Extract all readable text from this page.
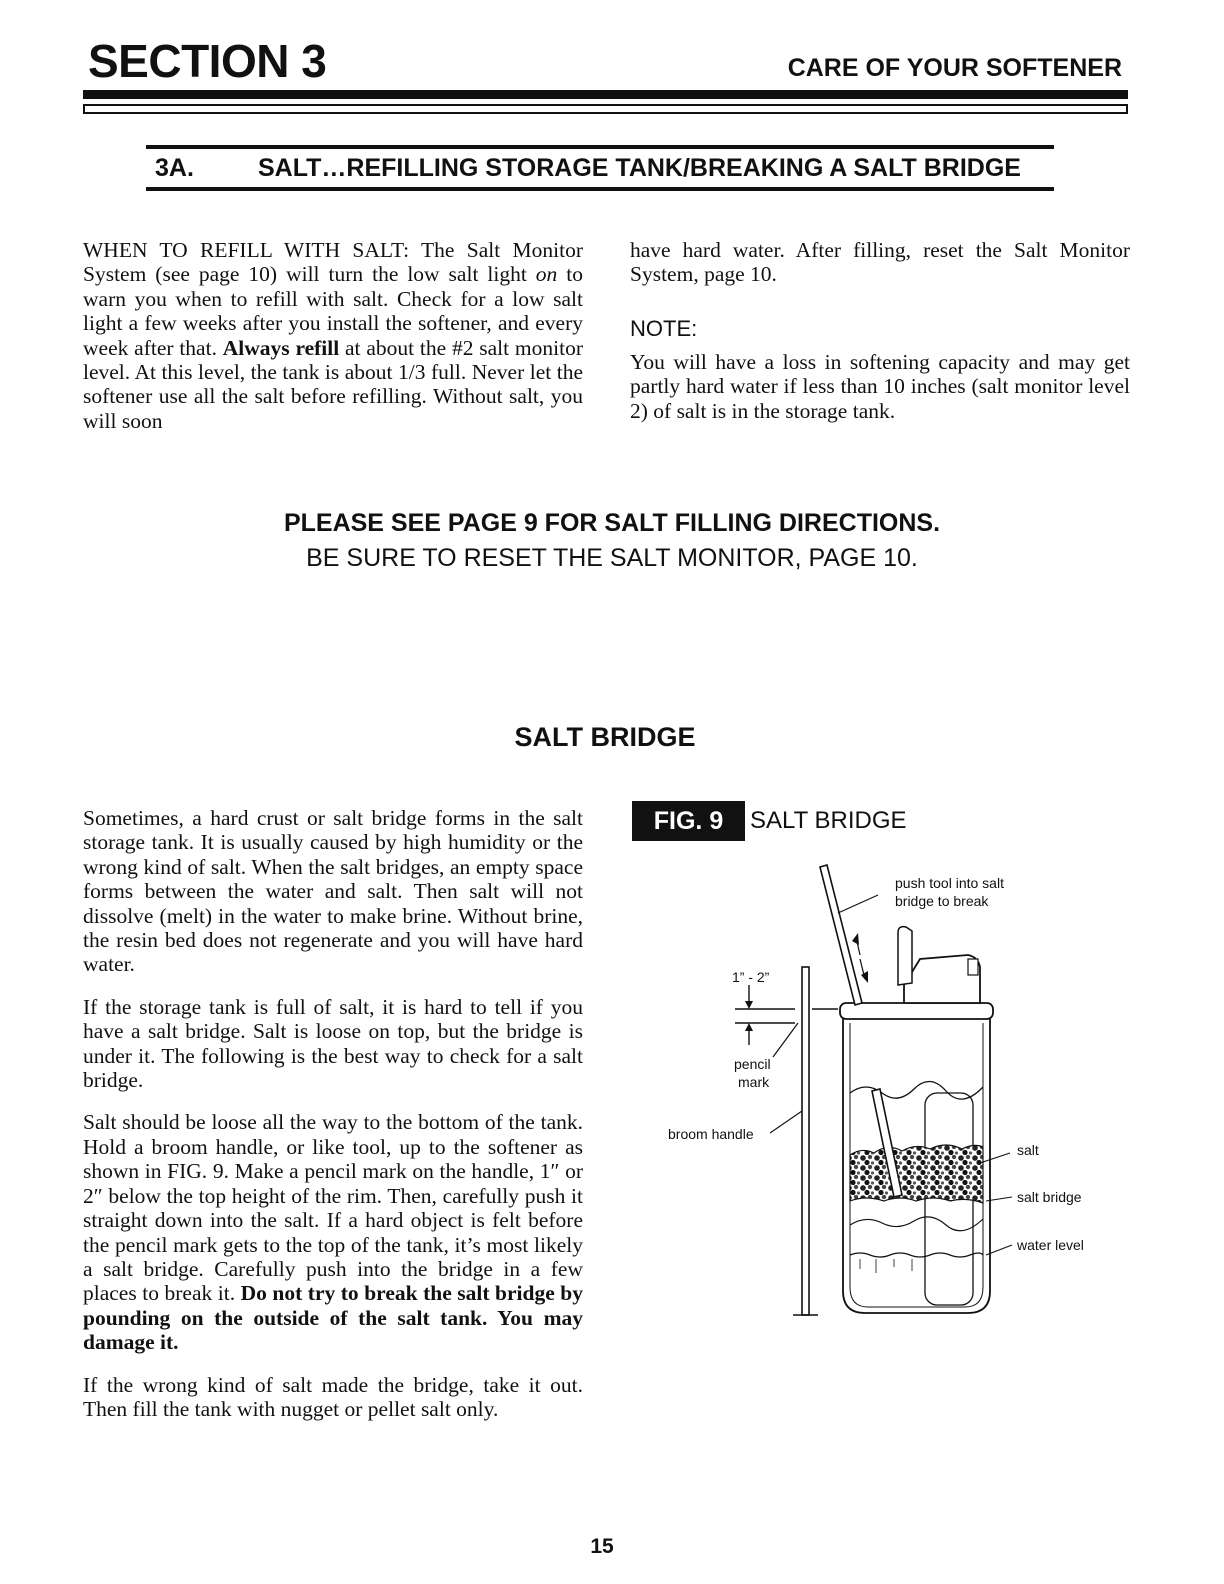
SECTION 3	CARE OF YOUR SOFTENER
3A.	SALT…REFILLING STORAGE TANK/BREAKING A SALT BRIDGE

WHEN TO REFILL WITH SALT: The Salt Monitor System (see page 10) will turn the low salt light on to warn you when to refill with salt. Check for a low salt light a few weeks after you install the softener, and every week after that. Always refill at about the #2 salt monitor level. At this level, the tank is about 1/3 full. Never let the softener use all the salt before refilling. Without salt, you will soon

have hard water. After filling, reset the Salt Monitor System, page 10.

NOTE:

You will have a loss in softening capacity and may get partly hard water if less than 10 inches (salt monitor level 2) of salt is in the storage tank.

PLEASE SEE PAGE 9 FOR SALT FILLING DIRECTIONS.
BE SURE TO RESET THE SALT MONITOR, PAGE 10.
SALT BRIDGE

Sometimes, a hard crust or salt bridge forms in the salt storage tank. It is usually caused by high humidity or the wrong kind of salt. When the salt bridges, an empty space forms between the water and salt. Then salt will not dissolve (melt) in the water to make brine. Without brine, the resin bed does not regenerate and you will have hard water.

If the storage tank is full of salt, it is hard to tell if you have a salt bridge. Salt is loose on top, but the bridge is under it. The following is the best way to check for a salt bridge.

Salt should be loose all the way to the bottom of the tank. Hold a broom handle, or like tool, up to the softener as shown in FIG. 9. Make a pencil mark on the handle, 1″ or 2″ below the top height of the rim. Then, carefully push it straight down into the salt. If a hard object is felt before the pencil mark gets to the top of the tank, it’s most likely a salt bridge. Carefully push into the bridge in a few places to break it. Do not try to break the salt bridge by pounding on the outside of the salt tank. You may damage it.

If the wrong kind of salt made the bridge, take it out. Then fill the tank with nugget or pellet salt only.

FIG. 9	SALT BRIDGE
push tool into salt
bridge to break
1” - 2”
pencil
mark
broom handle
salt
salt bridge
water level
15
